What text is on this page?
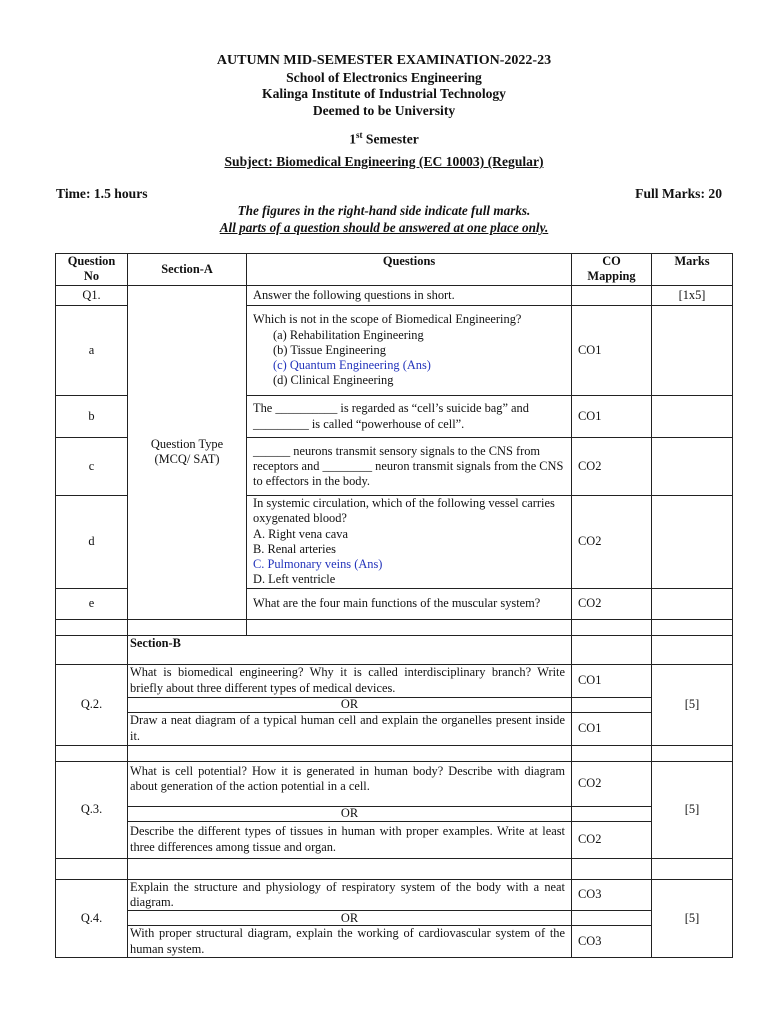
AUTUMN MID-SEMESTER EXAMINATION-2022-23
School of Electronics Engineering
Kalinga Institute of Industrial Technology
Deemed to be University
1st Semester
Subject: Biomedical Engineering (EC 10003) (Regular)
Time: 1.5 hours	Full Marks: 20
The figures in the right-hand side indicate full marks.
All parts of a question should be answered at one place only.
Question No	Section-A	Questions	CO Mapping	Marks
Q1.	Question Type (MCQ/ SAT)	Answer the following questions in short.		[1x5]
a		Which is not in the scope of Biomedical Engineering?
(a) Rehabilitation Engineering
(b) Tissue Engineering
(c) Quantum Engineering (Ans)
(d) Clinical Engineering	CO1	
b		The __________ is regarded as “cell’s suicide bag” and
_________ is called “powerhouse of cell”.	CO1	
c		______ neurons transmit sensory signals to the CNS from receptors and ________ neuron transmit signals from the CNS to effectors in the body.	CO2	
d		In systemic circulation, which of the following vessel carries oxygenated blood?
A. Right vena cava
B. Renal arteries
C. Pulmonary veins (Ans)
D. Left ventricle	CO2	
e		What are the four main functions of the muscular system?	CO2	

	Section-B			
Q.2.	What is biomedical engineering? Why it is called interdisciplinary branch? Write briefly about three different types of medical devices.		CO1	[5]
	OR			
	Draw a neat diagram of a typical human cell and explain the organelles present inside it.		CO1	

Q.3.	What is cell potential? How it is generated in human body? Describe with diagram about generation of the action potential in a cell.		CO2	[5]
	OR			
	Describe the different types of tissues in human with proper examples. Write at least three differences among tissue and organ.		CO2	

Q.4.	Explain the structure and physiology of respiratory system of the body with a neat diagram.		CO3	[5]
	OR			
	With proper structural diagram, explain the working of cardiovascular system of the human system.		CO3	
